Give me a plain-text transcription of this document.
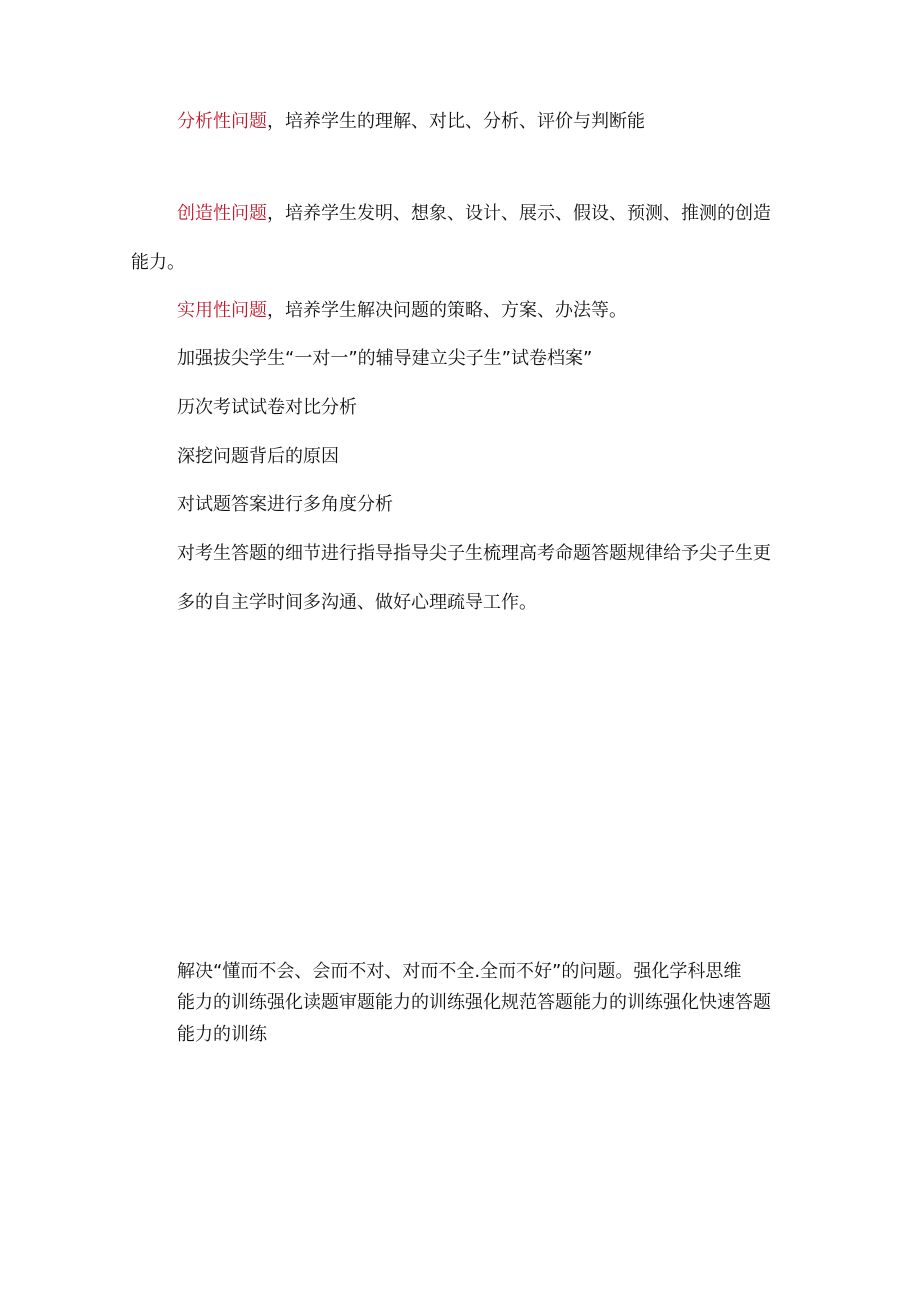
分析性问题，培养学生的理解、对比、分析、评价与判断能
创造性问题，培养学生发明、想象、设计、展示、假设、预测、推测的创造
能力。
实用性问题，培养学生解决问题的策略、方案、办法等。
加强拔尖学生“一对一”的辅导建立尖子生”试卷档案”
历次考试试卷对比分析
深挖问题背后的原因
对试题答案进行多角度分析
对考生答题的细节进行指导指导尖子生梳理高考命题答题规律给予尖子生更
多的自主学时间多沟通、做好心理疏导工作。
解决“懂而不会、会而不对、对而不全.全而不好”的问题。强化学科思维
能力的训练强化读题审题能力的训练强化规范答题能力的训练强化快速答题
能力的训练
